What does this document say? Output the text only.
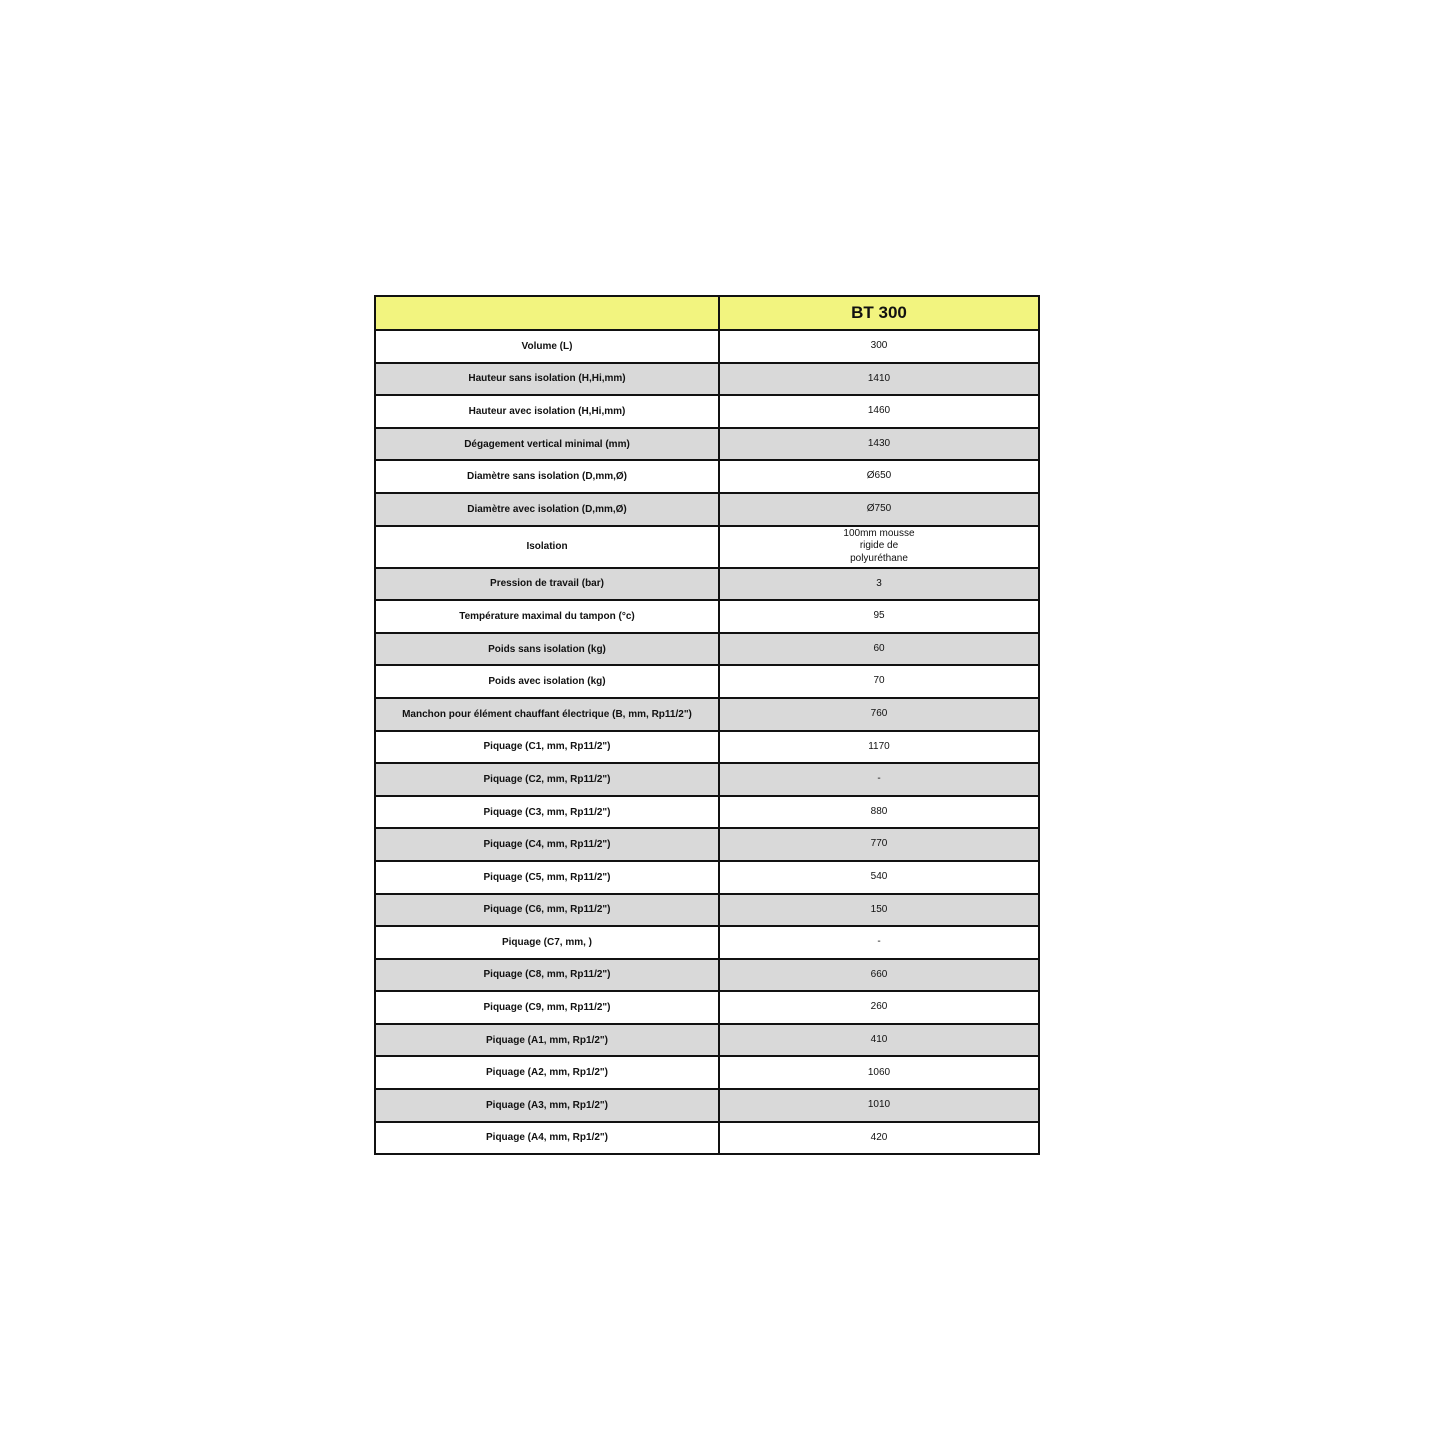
	BT 300
Volume (L)	300
Hauteur sans isolation (H,Hi,mm)	1410
Hauteur avec isolation (H,Hi,mm)	1460
Dégagement vertical minimal (mm)	1430
Diamètre sans isolation (D,mm,Ø)	Ø650
Diamètre avec isolation (D,mm,Ø)	Ø750
Isolation	100mm mousse
rigide de
polyuréthane

Pression de travail (bar)	3
Température maximal du tampon (°c)	95
Poids sans isolation (kg)	60
Poids avec isolation (kg)	70
Manchon pour élément chauffant électrique (B, mm, Rp11/2")	760
Piquage (C1, mm, Rp11/2")	1170
Piquage (C2, mm, Rp11/2")	-
Piquage (C3, mm, Rp11/2")	880
Piquage (C4, mm, Rp11/2")	770
Piquage (C5, mm, Rp11/2")	540
Piquage (C6, mm, Rp11/2")	150
Piquage (C7, mm, )	-
Piquage (C8, mm, Rp11/2")	660
Piquage (C9, mm, Rp11/2")	260
Piquage (A1, mm, Rp1/2")	410
Piquage (A2, mm, Rp1/2")	1060
Piquage (A3, mm, Rp1/2")	1010
Piquage (A4, mm, Rp1/2")	420
